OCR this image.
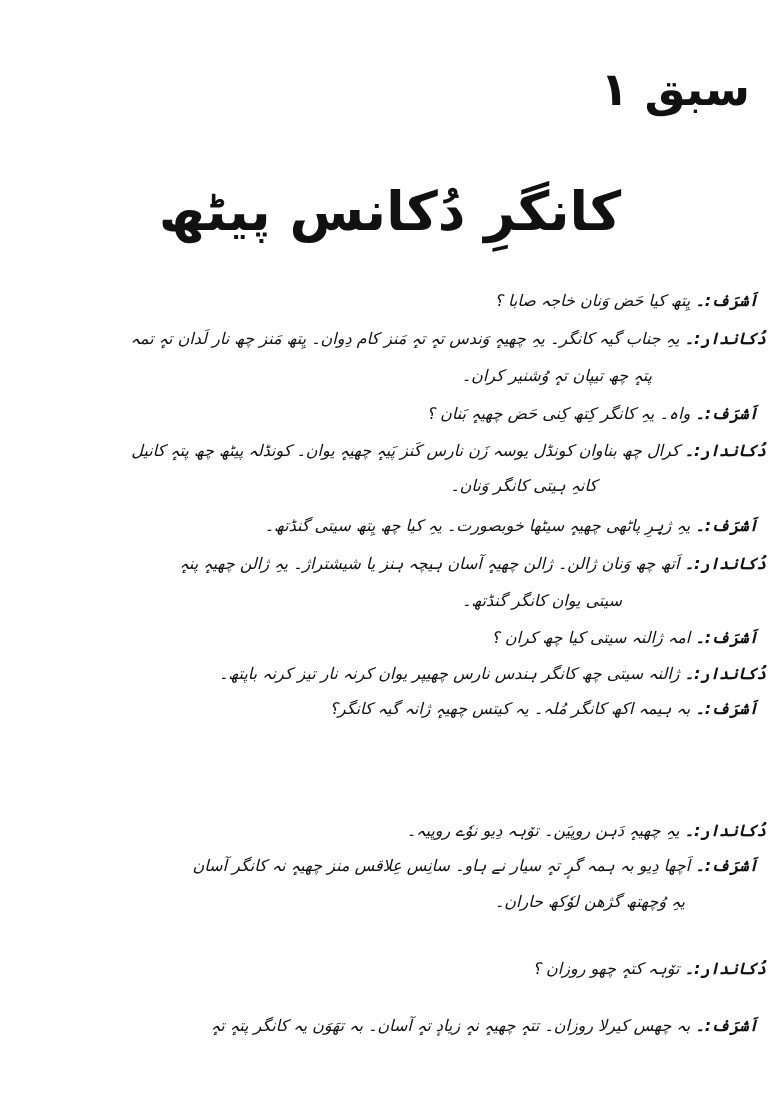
سبق ۱
کانگرِ دُکانس پیٹھ
اَشرَف:۔ یِتھ کیا حَض وَنان خاجہ صابا ؟
دُکاندار:۔ یہِ جناب گیہ کانگر۔ یہِ چھیہٕ وَندس تہٕ تہٕ مَنز کام دِوان۔ یِتھ مَنز چھ نار لَدان تہٕ تمہ
پتہٕ چھ تیپان تہٕ وُشنیر کران۔
اَشرَف:۔ واہ۔ یہِ کانگر کِتھ کِنی حَض چھیہٕ بَنان ؟
دُکاندار:۔ کرال چھ بناوان کونڈل یوسہ زَن نارس کَنز پَیہٕ چھیہٕ یوان۔ کونڈلہ پیٹھ چھ پتہٕ کانیل
کانہِ ہیتی کانگر وَنان۔
اَشرَف:۔ یہِ ژیٖرِ پاٹھی چھیہٕ سیٹھا خوبصورت۔ یہِ کیا چھ یِتھ سیتی گنڈتھ۔
دُکاندار:۔ اَتھ چھ وَنان ژالن۔ ژالن چھیہٕ آسان ہیچہ ہنز یا شیشتراژ۔ یہِ ژالن چھیہٕ پنہٕ
سیتی یوان کانگر گنڈتھ۔
اَشرَف:۔ امہ ژالنہ سیتی کیا چھ کران ؟
دُکاندار:۔ ژالنہ سیتی چھ کانگر ہندس نارس چھیپر یوان کرنہ نار تیز کرنہ باپتھ۔
اَشرَف:۔ بہ ہیمہ اکھ کانگر مُلہ۔ یہ کیتس چھیہٕ ژانہ گیہ کانگر؟
دُکاندار:۔ یہِ چھیہٕ دَہن روپیَن۔ توٚہہ دِیو نوٗے روپیہ۔
اَشرَف:۔ اَچھا دِیو بہ ہمہ گرٕ تہٕ سیار نے ہاو۔ سانِس عِلاقس منز چھیہٕ نہ کانگر آسان
یہِ وُچھتھ گژھن لوٗکھ حاران۔
دُکاندار:۔ توٚہہ کتہٕ چھو روزان ؟
اَشرَف:۔ بہ چھس کیرلا روزان۔ تتہٕ چھیہٕ نہٕ زیادٕ تہٕ آسان۔ بہ تھَوَن یہ کانگر پتہٕ تہٕ
